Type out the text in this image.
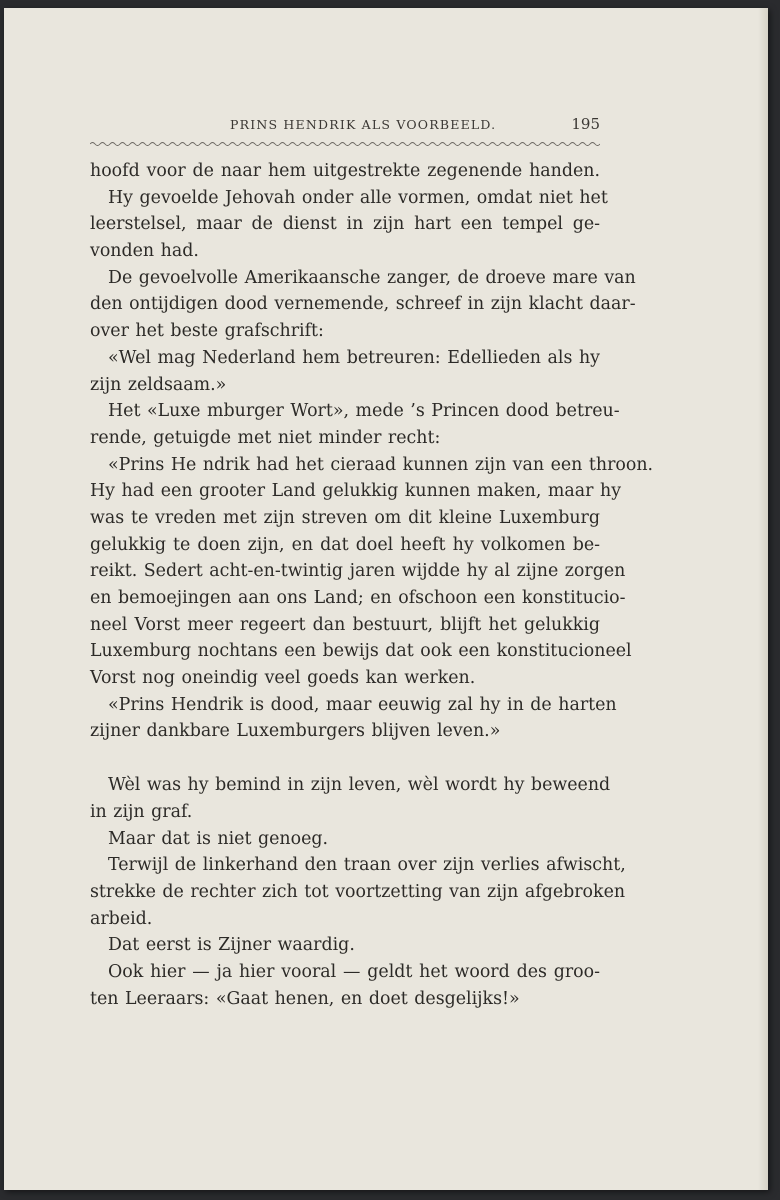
PRINS HENDRIK ALS VOORBEELD.	195
hoofd voor de naar hem uitgestrekte zegenende handen.
Hy gevoelde Jehovah onder alle vormen, omdat niet het
leerstelsel, maar de dienst in zijn hart een tempel ge-
vonden had.
De gevoelvolle Amerikaansche zanger, de droeve mare van
den ontijdigen dood vernemende, schreef in zijn klacht daar-
over het beste grafschrift:
«Wel mag Nederland hem betreuren: Edellieden als hy
zijn zeldsaam.»
Het «Luxe mburger Wort», mede ’s Princen dood betreu-
rende, getuigde met niet minder recht:
«Prins He ndrik had het cieraad kunnen zijn van een throon.
Hy had een grooter Land gelukkig kunnen maken, maar hy
was te vreden met zijn streven om dit kleine Luxemburg
gelukkig te doen zijn, en dat doel heeft hy volkomen be-
reikt. Sedert acht-en-twintig jaren wijdde hy al zijne zorgen
en bemoejingen aan ons Land; en ofschoon een konstitucio-
neel Vorst meer regeert dan bestuurt, blijft het gelukkig
Luxemburg nochtans een bewijs dat ook een konstitucioneel
Vorst nog oneindig veel goeds kan werken.
«Prins Hendrik is dood, maar eeuwig zal hy in de harten
zijner dankbare Luxemburgers blijven leven.»
Wèl was hy bemind in zijn leven, wèl wordt hy beweend
in zijn graf.
Maar dat is niet genoeg.
Terwijl de linkerhand den traan over zijn verlies afwischt,
strekke de rechter zich tot voortzetting van zijn afgebroken
arbeid.
Dat eerst is Zijner waardig.
Ook hier — ja hier vooral — geldt het woord des groo-
ten Leeraars: «Gaat henen, en doet desgelijks!»
